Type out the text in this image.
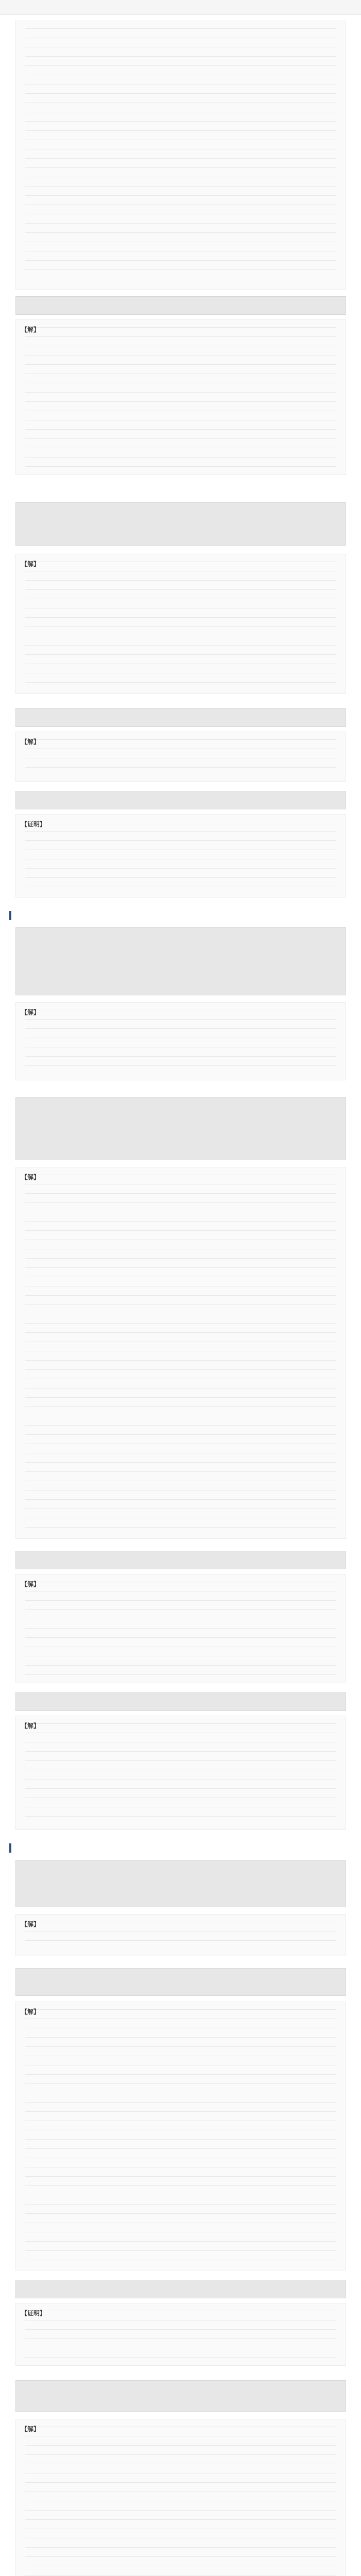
【解】
【解】
【解】
【证明】
【解】
【解】
【解】
【解】
【解】
【解】
【证明】
【解】
